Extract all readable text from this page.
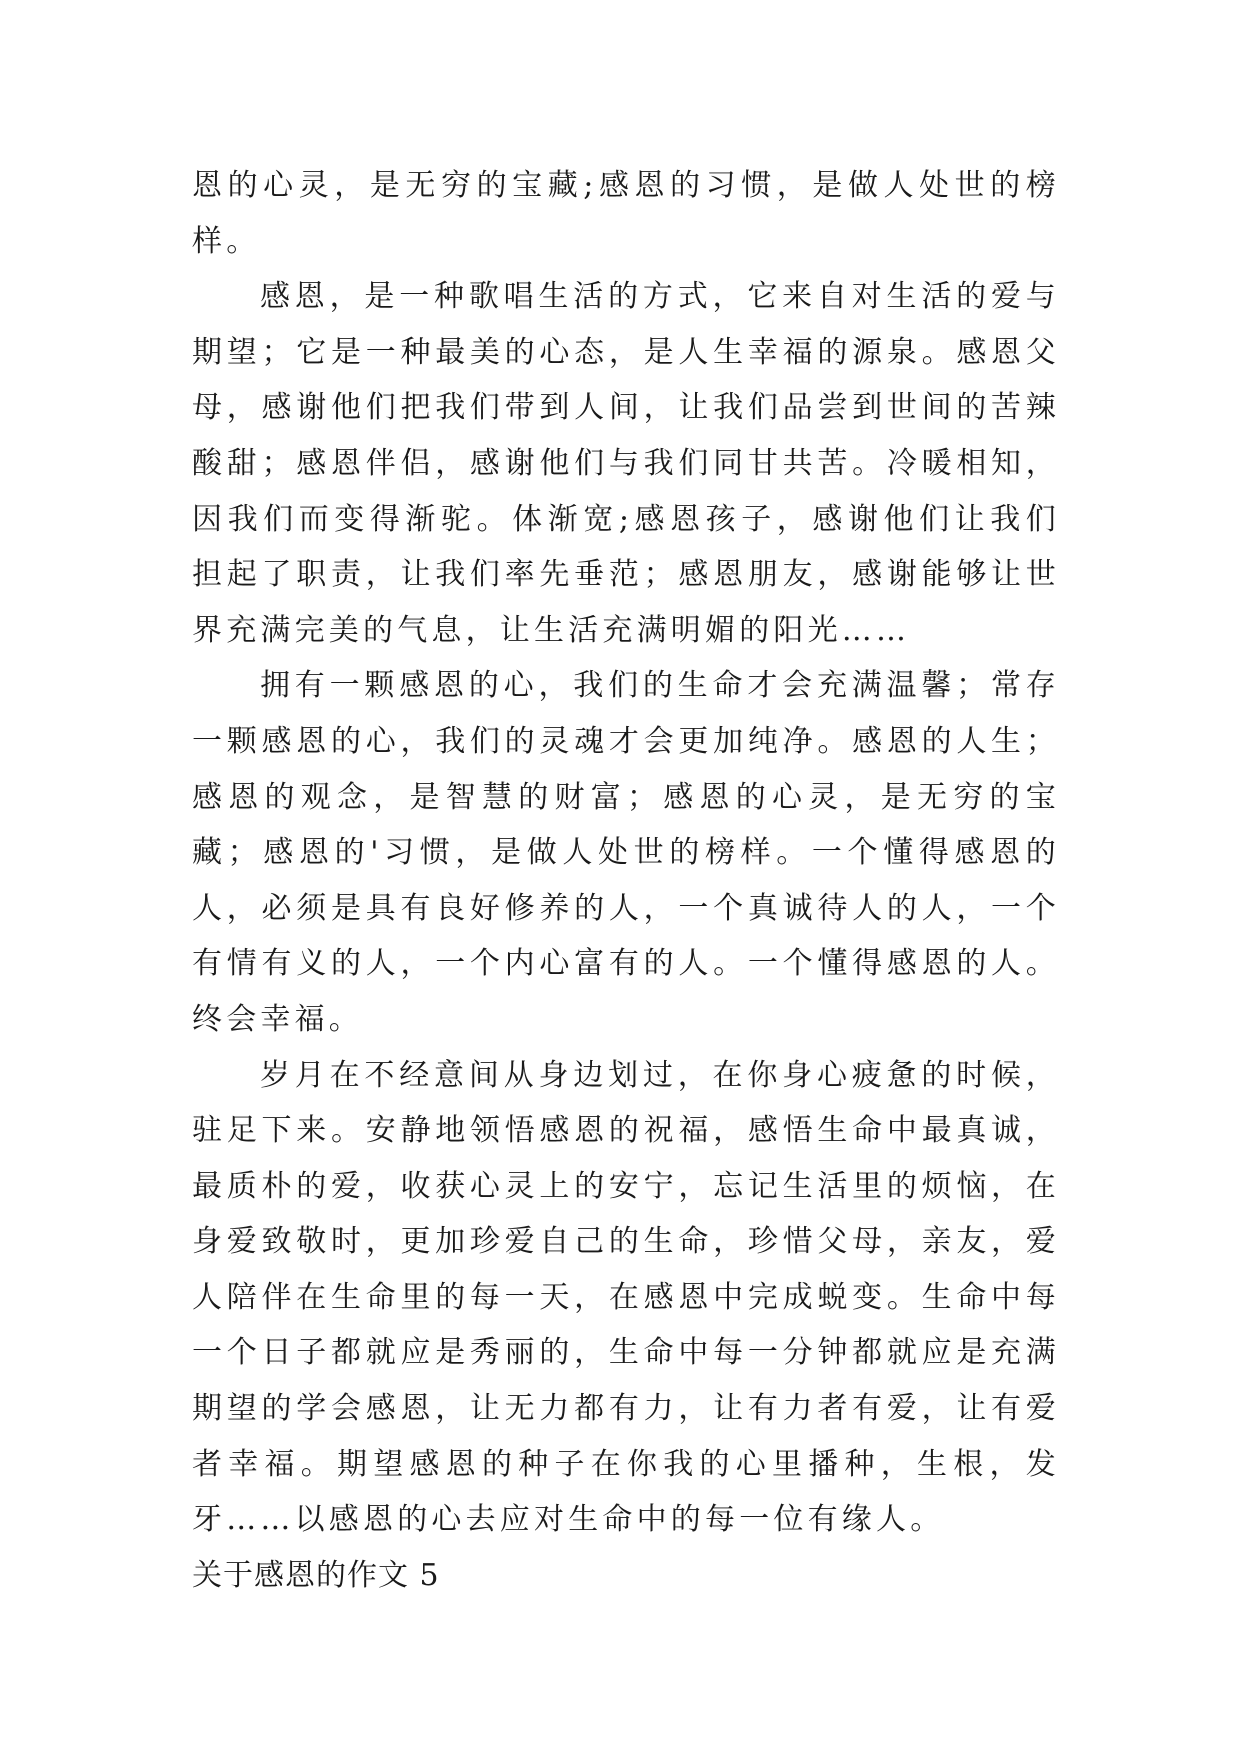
恩的心灵，是无穷的宝藏;感恩的习惯，是做人处世的榜样。

感恩，是一种歌唱生活的方式，它来自对生活的爱与期望；它是一种最美的心态，是人生幸福的源泉。感恩父母，感谢他们把我们带到人间，让我们品尝到世间的苦辣酸甜；感恩伴侣，感谢他们与我们同甘共苦。冷暖相知，因我们而变得渐驼。体渐宽;感恩孩子，感谢他们让我们担起了职责，让我们率先垂范；感恩朋友，感谢能够让世界充满完美的气息，让生活充满明媚的阳光……

拥有一颗感恩的心，我们的生命才会充满温馨；常存一颗感恩的心，我们的灵魂才会更加纯净。感恩的人生；感恩的观念，是智慧的财富；感恩的心灵，是无穷的宝藏；感恩的'习惯，是做人处世的榜样。一个懂得感恩的人，必须是具有良好修养的人，一个真诚待人的人，一个有情有义的人，一个内心富有的人。一个懂得感恩的人。终会幸福。

岁月在不经意间从身边划过，在你身心疲惫的时候，驻足下来。安静地领悟感恩的祝福，感悟生命中最真诚，最质朴的爱，收获心灵上的安宁，忘记生活里的烦恼，在身爱致敬时，更加珍爱自己的生命，珍惜父母，亲友，爱人陪伴在生命里的每一天，在感恩中完成蜕变。生命中每一个日子都就应是秀丽的，生命中每一分钟都就应是充满期望的学会感恩，让无力都有力，让有力者有爱，让有爱者幸福。期望感恩的种子在你我的心里播种，生根，发牙……以感恩的心去应对生命中的每一位有缘人。

关于感恩的作文 5
